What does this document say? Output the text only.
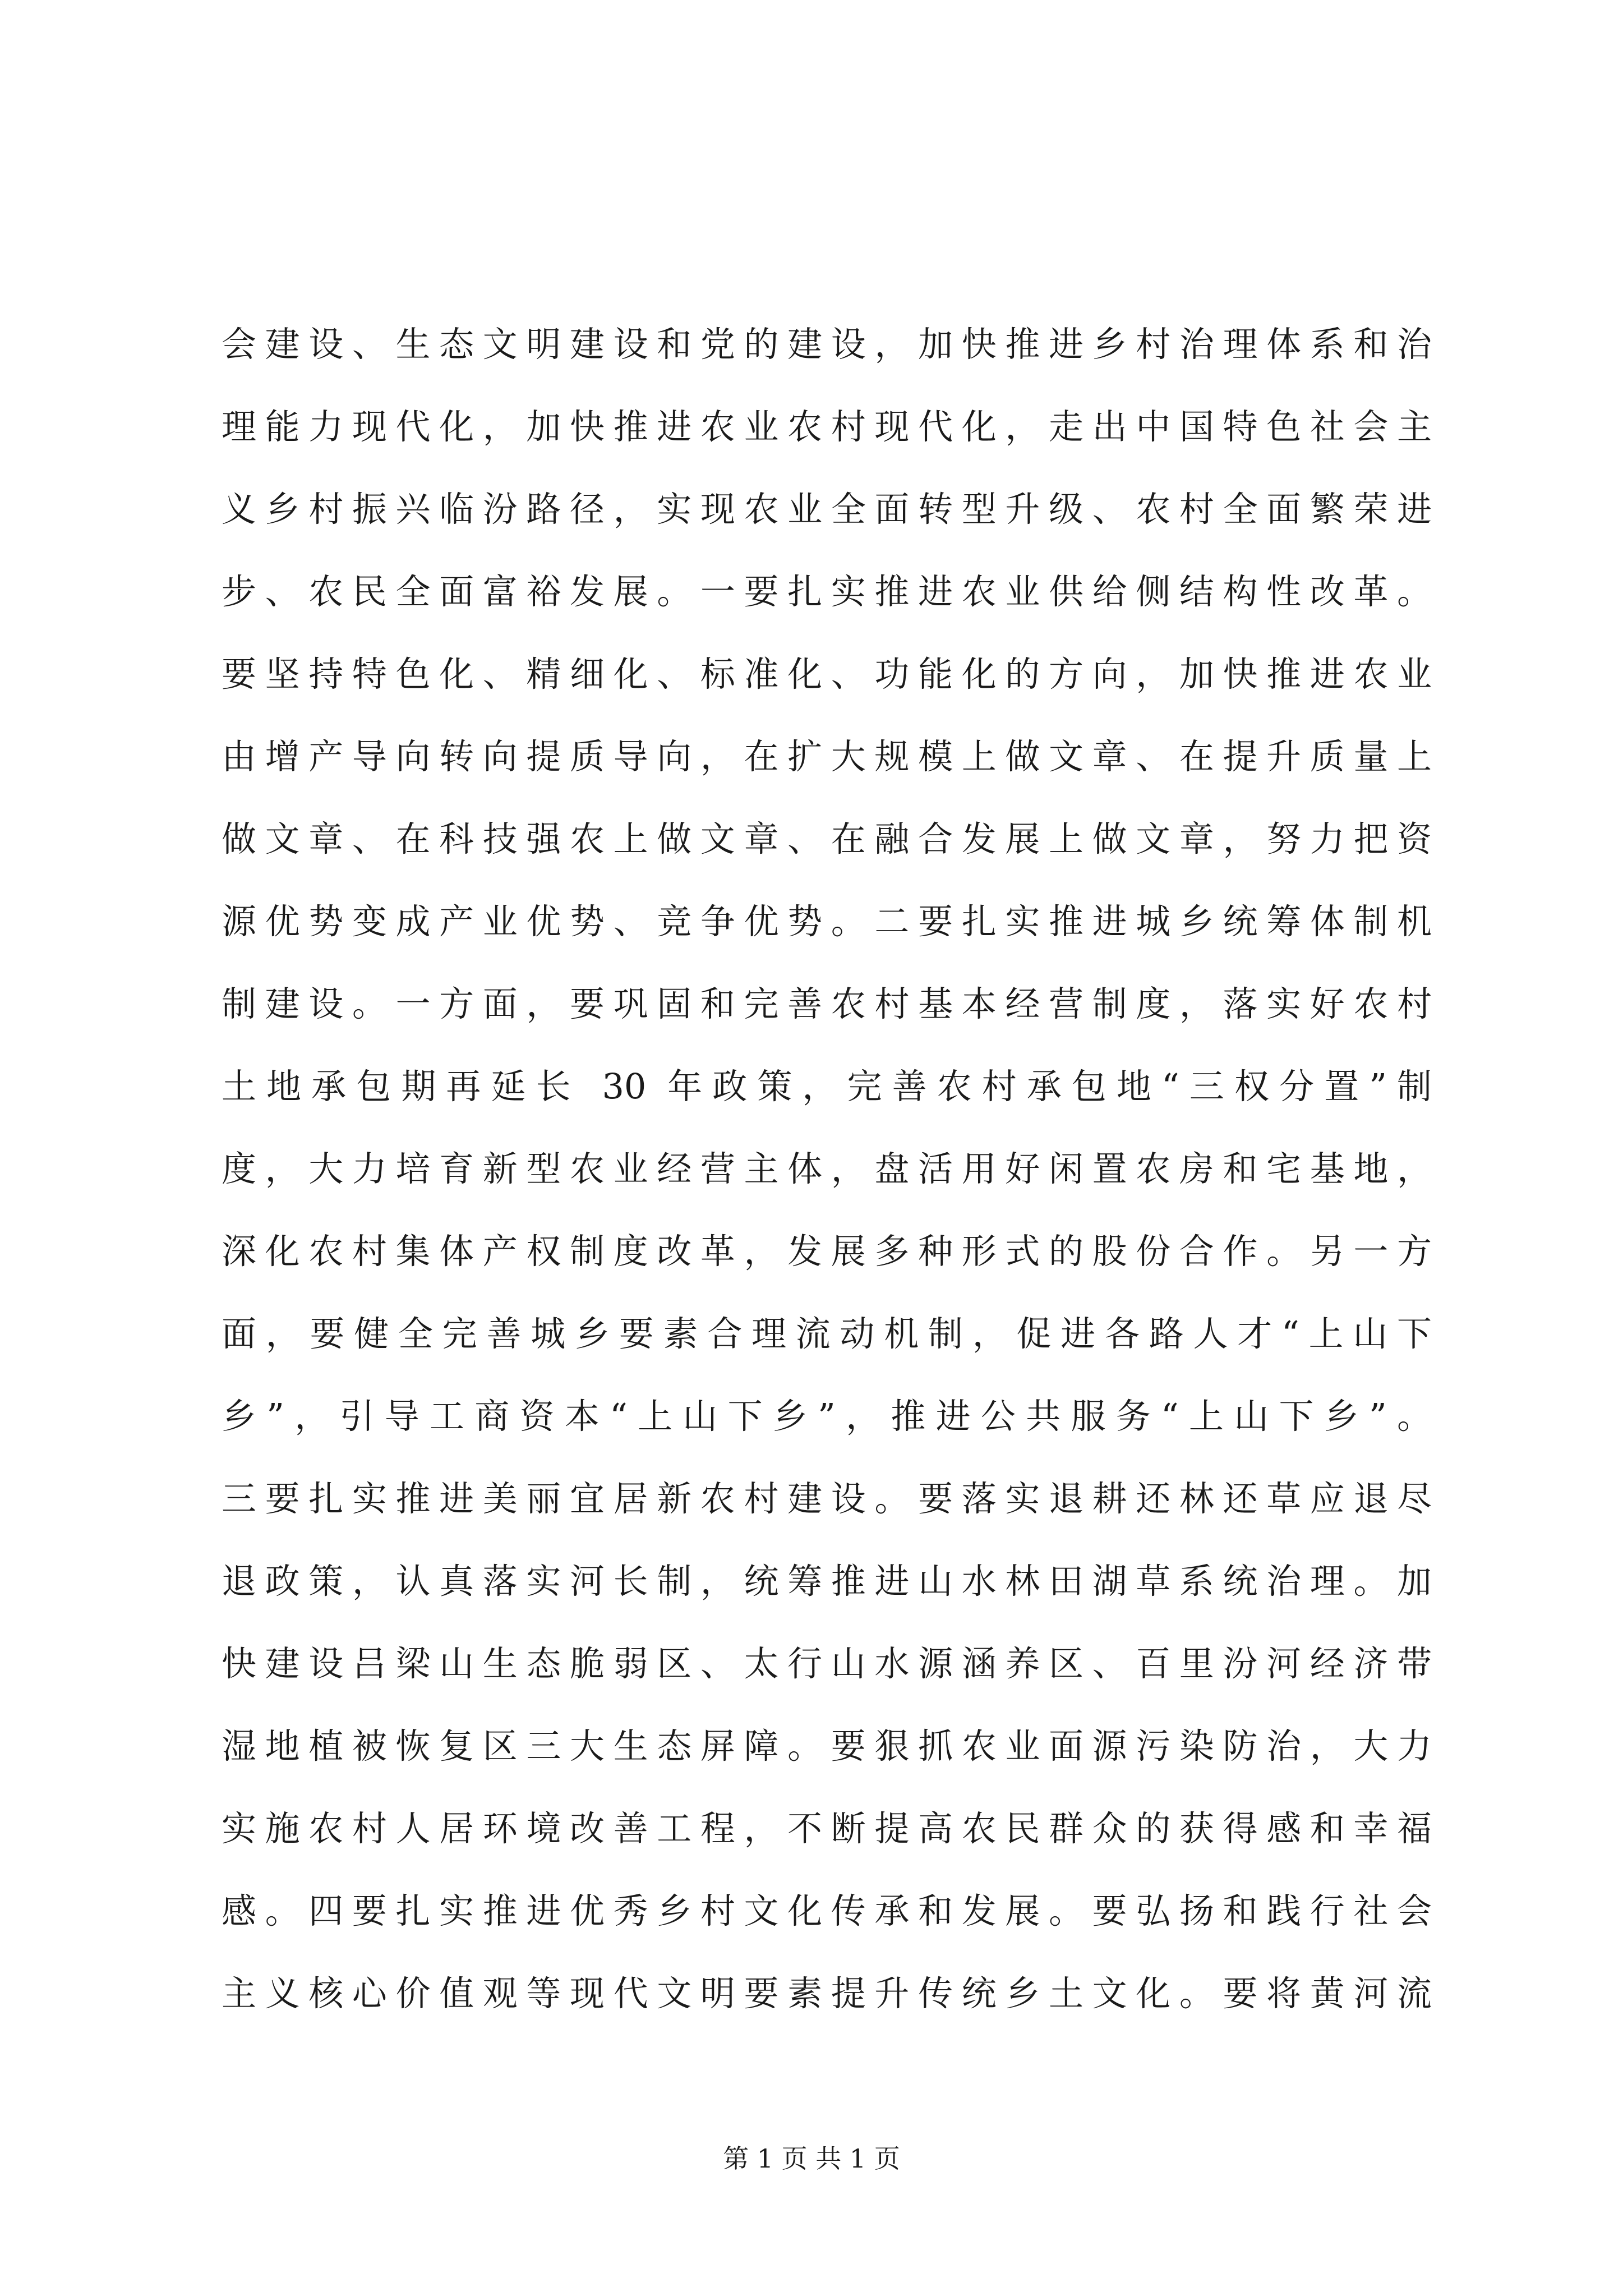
会建设、生态文明建设和党的建设，加快推进乡村治理体系和治
理能力现代化，加快推进农业农村现代化，走出中国特色社会主
义乡村振兴临汾路径，实现农业全面转型升级、农村全面繁荣进
步、农民全面富裕发展。一要扎实推进农业供给侧结构性改革。
要坚持特色化、精细化、标准化、功能化的方向，加快推进农业
由增产导向转向提质导向，在扩大规模上做文章、在提升质量上
做文章、在科技强农上做文章、在融合发展上做文章，努力把资
源优势变成产业优势、竞争优势。二要扎实推进城乡统筹体制机
制建设。一方面，要巩固和完善农村基本经营制度，落实好农村
土地承包期再延长 30 年政策，完善农村承包地“三权分置”制
度，大力培育新型农业经营主体，盘活用好闲置农房和宅基地，
深化农村集体产权制度改革，发展多种形式的股份合作。另一方
面，要健全完善城乡要素合理流动机制，促进各路人才“上山下
乡”，引导工商资本“上山下乡”，推进公共服务“上山下乡”。
三要扎实推进美丽宜居新农村建设。要落实退耕还林还草应退尽
退政策，认真落实河长制，统筹推进山水林田湖草系统治理。加
快建设吕梁山生态脆弱区、太行山水源涵养区、百里汾河经济带
湿地植被恢复区三大生态屏障。要狠抓农业面源污染防治，大力
实施农村人居环境改善工程，不断提高农民群众的获得感和幸福
感。四要扎实推进优秀乡村文化传承和发展。要弘扬和践行社会
主义核心价值观等现代文明要素提升传统乡土文化。要将黄河流
第 1 页 共 1 页
